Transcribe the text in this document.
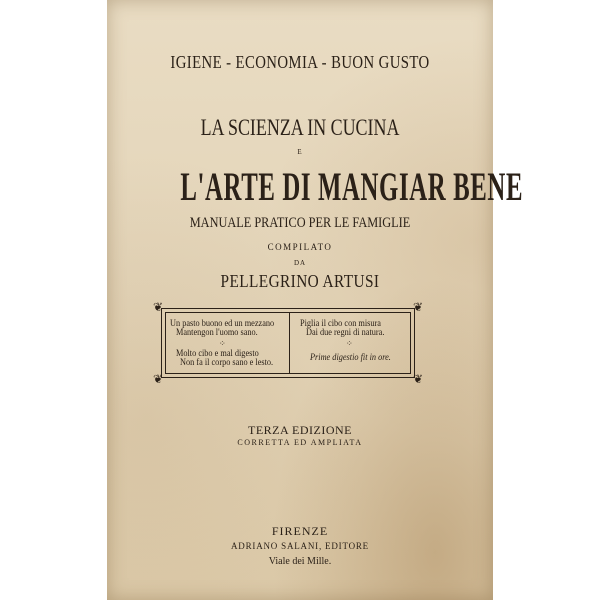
IGIENE - ECONOMIA - BUON GUSTO
LA SCIENZA IN CUCINA
E
L'ARTE DI MANGIAR BENE
MANUALE PRATICO PER LE FAMIGLIE
COMPILATO
DA
PELLEGRINO ARTUSI
❦	❦
❦	❦
Un pasto buono ed un mezzano
Mantengon l'uomo sano.
⁘
Molto cibo e mal digesto
Non fa il corpo sano e lesto.
Piglia il cibo con misura
Dai due regni di natura.
⁘
Prime digestio fit in ore.
TERZA EDIZIONE
CORRETTA ED AMPLIATA
FIRENZE
ADRIANO SALANI, EDITORE
Viale dei Mille.
